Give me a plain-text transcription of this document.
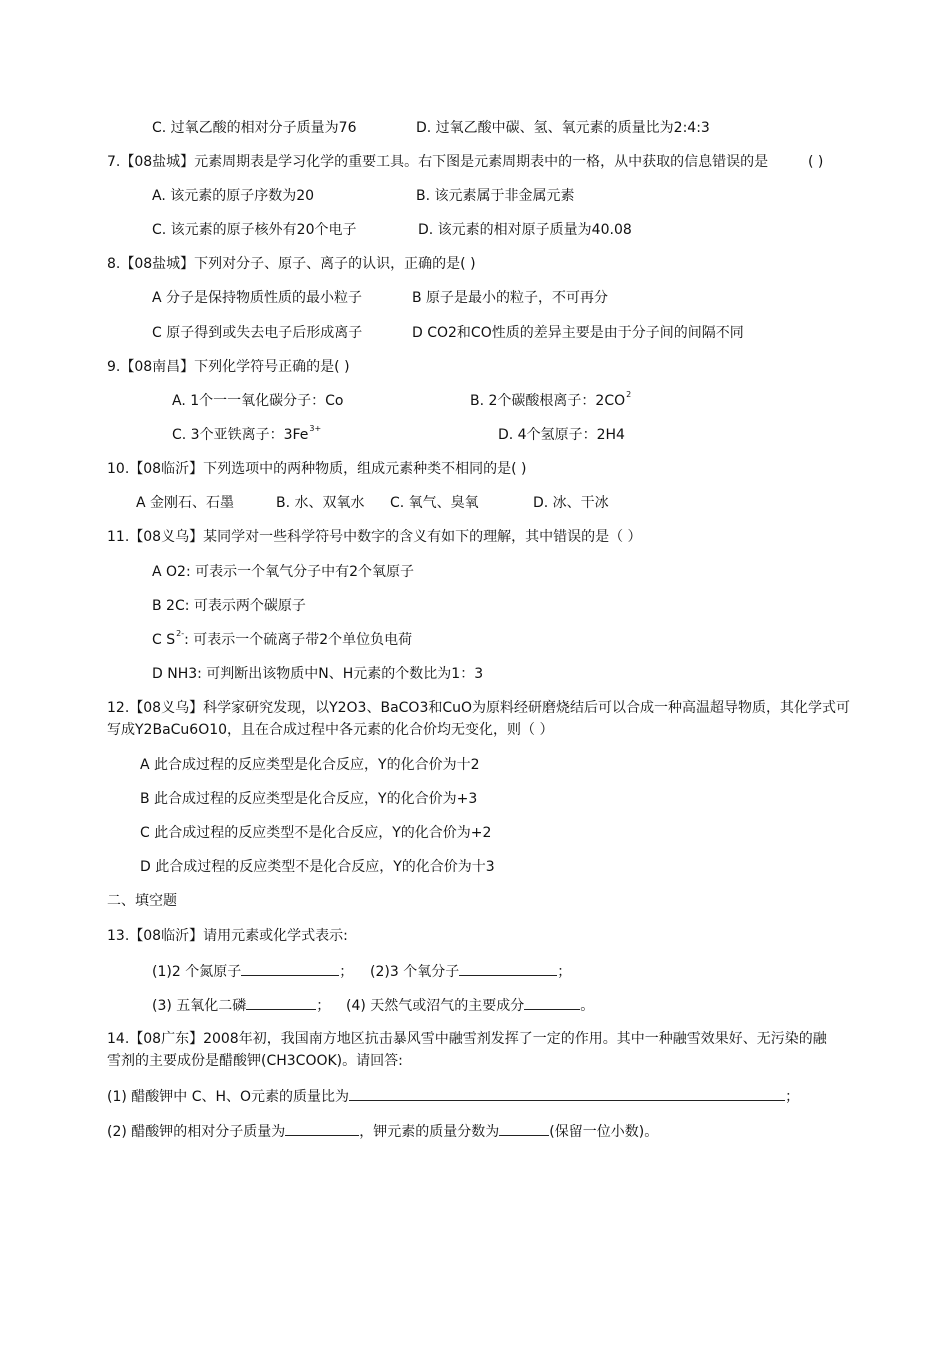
C. 过氧乙酸的相对分子质量为76	D. 过氧乙酸中碳、氢、氧元素的质量比为2:4:3
7.【08盐城】元素周期表是学习化学的重要工具。右下图是元素周期表中的一格，从中获取的信息错误的是	( )
A. 该元素的原子序数为20	B. 该元素属于非金属元素
C. 该元素的原子核外有20个电子	D. 该元素的相对原子质量为40.08
8.【08盐城】下列对分子、原子、离子的认识，正确的是( )
A 分子是保持物质性质的最小粒子	B 原子是最小的粒子，不可再分
C 原子得到或失去电子后形成离子	D CO2和CO性质的差异主要是由于分子间的间隔不同
9.【08南昌】下列化学符号正确的是( )
A. 1个一一氧化碳分子：Co	B. 2个碳酸根离子：$2CO^2$
C. 3个亚铁离子：$3Fe^{3+}$	D. 4个氢原子：2H4
10.【08临沂】下列选项中的两种物质，组成元素种类不相同的是( )
A 金刚石、石墨	B. 水、双氧水 C. 氧气、臭氧	D. 冰、干冰
11.【08义乌】某同学对一些科学符号中数字的含义有如下的理解，其中错误的是（ ）
A O2: 可表示一个氧气分子中有2个氧原子
B 2C: 可表示两个碳原子
C $S^{2-}$: 可表示一个硫离子带2个单位负电荷
D NH3: 可判断出该物质中N、H元素的个数比为1：3
12.【08义乌】科学家研究发现，以Y2O3、BaCO3和CuO为原料经研磨烧结后可以合成一种高温超导物质，其化学式可
写成Y2BaCu6O10，且在合成过程中各元素的化合价均无变化，则（ ）
A 此合成过程的反应类型是化合反应，Y的化合价为十2
B 此合成过程的反应类型是化合反应，Y的化合价为+3
C 此合成过程的反应类型不是化合反应，Y的化合价为+2
D 此合成过程的反应类型不是化合反应，Y的化合价为十3
二、填空题
13.【08临沂】请用元素或化学式表示:
(1)2 个氮原子	； (2)3 个氧分子	；
(3) 五氧化二磷	； (4) 天然气或沼气的主要成分	。
14.【08广东】2008年初，我国南方地区抗击暴风雪中融雪剂发挥了一定的作用。其中一种融雪效果好、无污染的融
雪剂的主要成份是醋酸钾(CH3COOK)。请回答:
(1) 醋酸钾中 C、H、O元素的质量比为	；
(2) 醋酸钾的相对分子质量为	，钾元素的质量分数为	(保留一位小数)。
